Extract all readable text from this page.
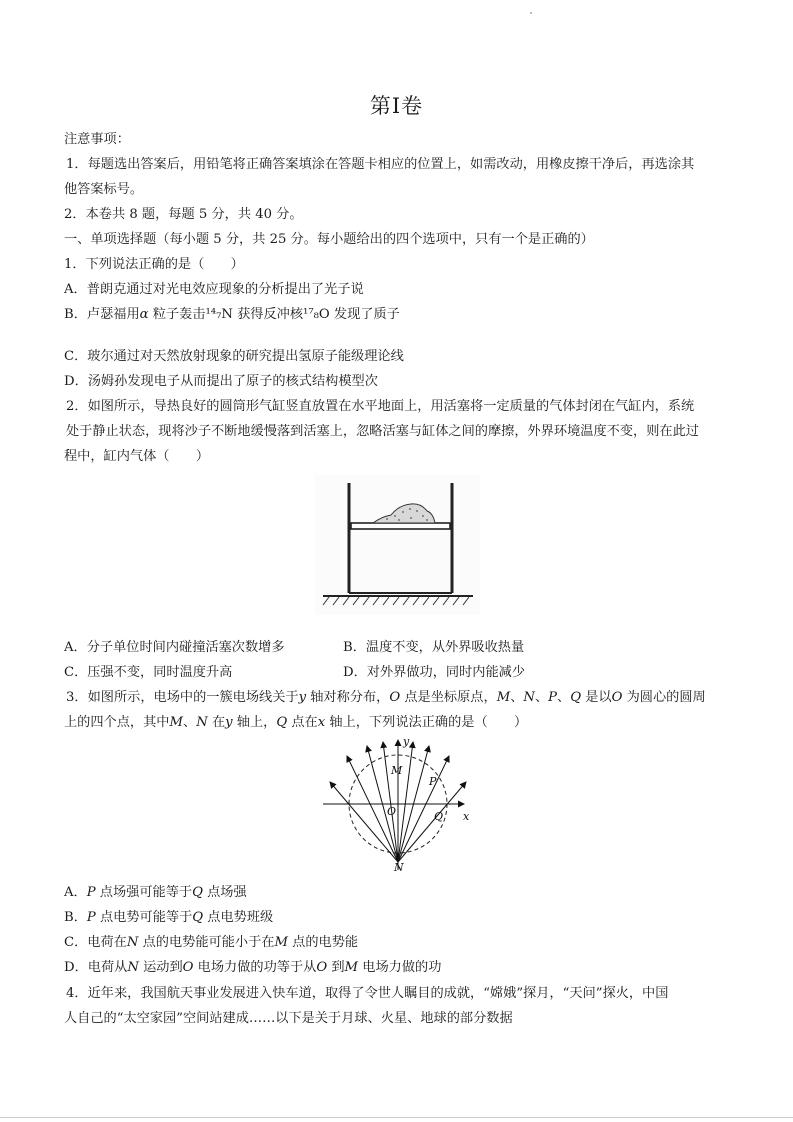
第I卷
注意事项：
1．每题选出答案后，用铅笔将正确答案填涂在答题卡相应的位置上，如需改动，用橡皮擦干净后，再选涂其
他答案标号。
2．本卷共 8 题，每题 5 分，共 40 分。
一、单项选择题（每小题 5 分，共 25 分。每小题给出的四个选项中，只有一个是正确的）
1．下列说法正确的是（　　）
A．普朗克通过对光电效应现象的分析提出了光子说
B．卢瑟福用α 粒子轰击¹⁴₇N 获得反冲核¹⁷₈O 发现了质子
C．玻尔通过对天然放射现象的研究提出氢原子能级理论线
D．汤姆孙发现电子从而提出了原子的核式结构模型次
2．如图所示，导热良好的圆筒形气缸竖直放置在水平地面上，用活塞将一定质量的气体封闭在气缸内，系统
处于静止状态，现将沙子不断地缓慢落到活塞上，忽略活塞与缸体之间的摩擦，外界环境温度不变，则在此过
程中，缸内气体（　　）
A．分子单位时间内碰撞活塞次数增多	B．温度不变，从外界吸收热量
C．压强不变，同时温度升高	D．对外界做功，同时内能减少
3．如图所示，电场中的一簇电场线关于y 轴对称分布，O 点是坐标原点，M、N、P、Q 是以O 为圆心的圆周
上的四个点，其中M、N 在y 轴上，Q 点在x 轴上，下列说法正确的是（　　）
y
x
O
M
N
P
Q
A．P 点场强可能等于Q 点场强
B．P 点电势可能等于Q 点电势班级
C．电荷在N 点的电势能可能小于在M 点的电势能
D．电荷从N 运动到O 电场力做的功等于从O 到M 电场力做的功
4．近年来，我国航天事业发展进入快车道，取得了令世人瞩目的成就，“嫦娥”探月，“天问”探火，中国
人自己的“太空家园”空间站建成……以下是关于月球、火星、地球的部分数据
